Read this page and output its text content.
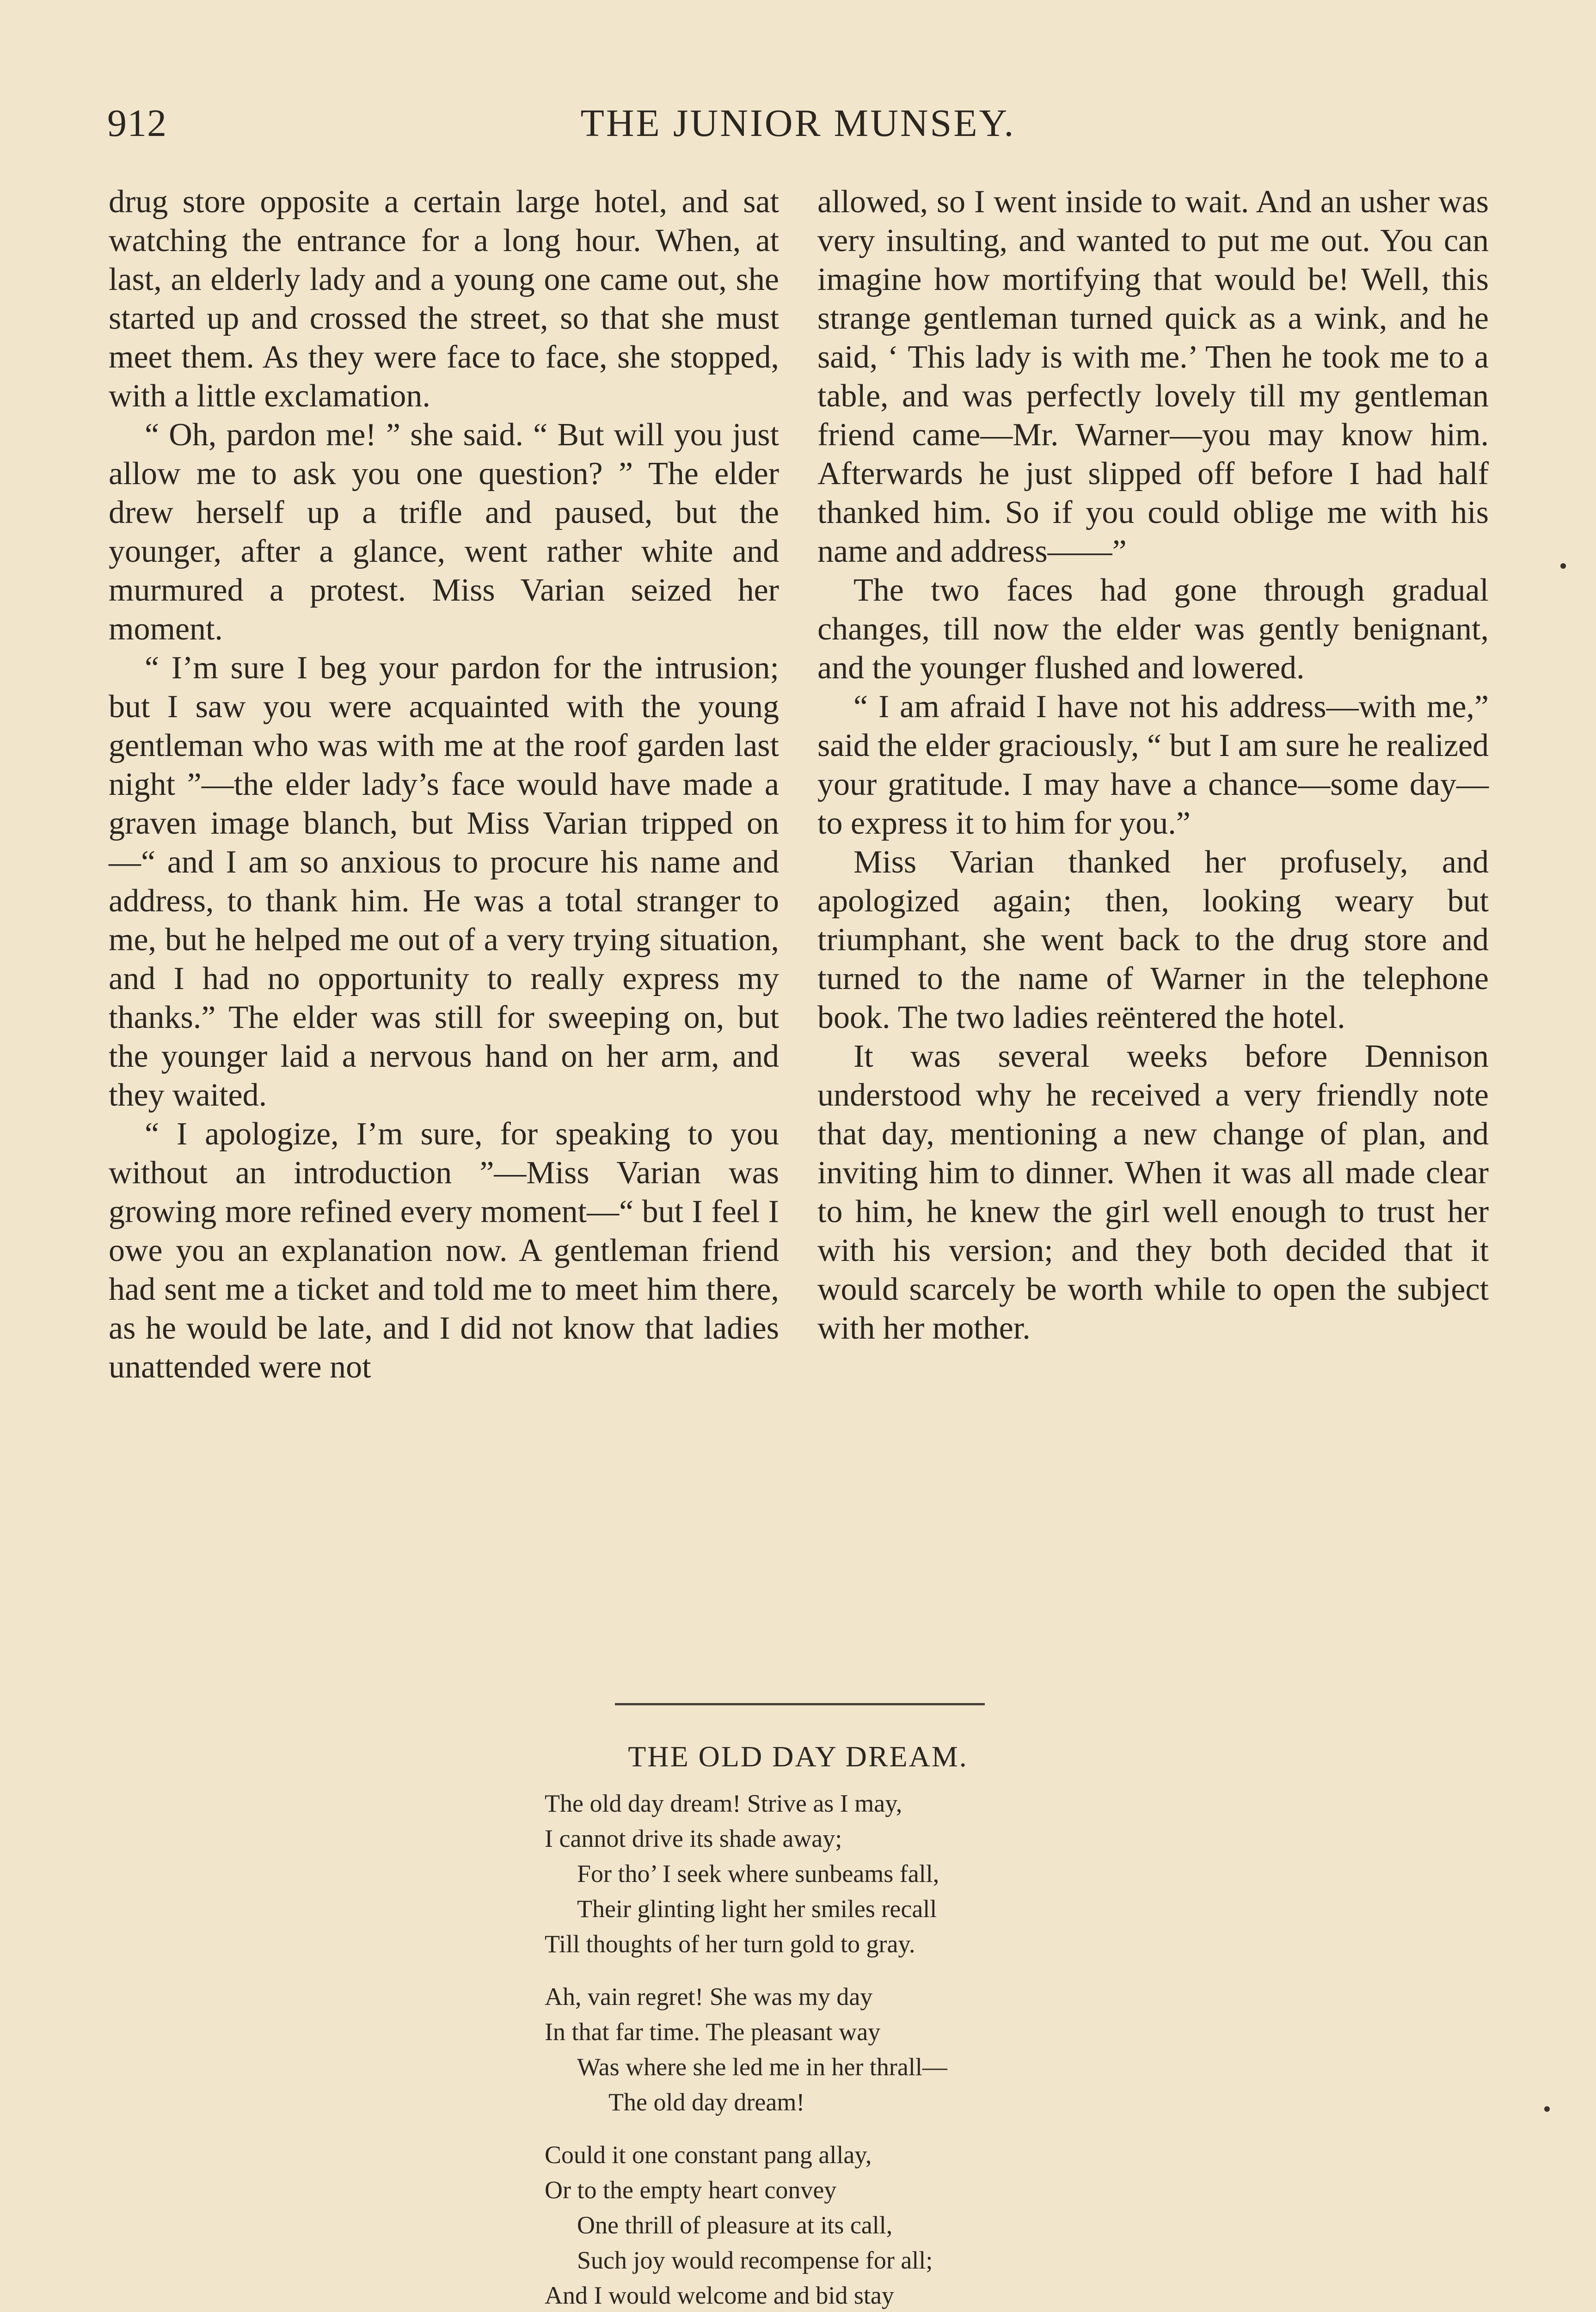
912	THE JUNIOR MUNSEY.

drug store opposite a certain large hotel, and sat watching the entrance for a long hour. When, at last, an elderly lady and a young one came out, she started up and crossed the street, so that she must meet them. As they were face to face, she stopped, with a little exclamation.

“ Oh, pardon me! ” she said. “ But will you just allow me to ask you one question? ” The elder drew herself up a trifle and paused, but the younger, after a glance, went rather white and murmured a protest. Miss Varian seized her moment.

“ I’m sure I beg your pardon for the intrusion; but I saw you were acquainted with the young gentleman who was with me at the roof garden last night ”—the elder lady’s face would have made a graven image blanch, but Miss Varian tripped on—“ and I am so anxious to procure his name and address, to thank him. He was a total stranger to me, but he helped me out of a very trying situation, and I had no opportunity to really express my thanks.” The elder was still for sweeping on, but the younger laid a nervous hand on her arm, and they waited.

“ I apologize, I’m sure, for speaking to you without an introduction ”—Miss Varian was growing more refined every moment—“ but I feel I owe you an explanation now. A gentleman friend had sent me a ticket and told me to meet him there, as he would be late, and I did not know that ladies unattended were not

allowed, so I went inside to wait. And an usher was very insulting, and wanted to put me out. You can imagine how mortifying that would be! Well, this strange gentleman turned quick as a wink, and he said, ‘ This lady is with me.’ Then he took me to a table, and was perfectly lovely till my gentleman friend came—Mr. Warner—you may know him. Afterwards he just slipped off before I had half thanked him. So if you could oblige me with his name and address——”

The two faces had gone through gradual changes, till now the elder was gently benignant, and the younger flushed and lowered.

“ I am afraid I have not his address—with me,” said the elder graciously, “ but I am sure he realized your gratitude. I may have a chance—some day—to express it to him for you.”

Miss Varian thanked her profusely, and apologized again; then, looking weary but triumphant, she went back to the drug store and turned to the name of Warner in the telephone book. The two ladies reëntered the hotel.

It was several weeks before Dennison understood why he received a very friendly note that day, mentioning a new change of plan, and inviting him to dinner. When it was all made clear to him, he knew the girl well enough to trust her with his version; and they both decided that it would scarcely be worth while to open the subject with her mother.

THE OLD DAY DREAM.
The old day dream! Strive as I may,
I cannot drive its shade away;
For tho’ I seek where sunbeams fall,
Their glinting light her smiles recall
Till thoughts of her turn gold to gray.
Ah, vain regret! She was my day
In that far time. The pleasant way
Was where she led me in her thrall—
The old day dream!
Could it one constant pang allay,
Or to the empty heart convey
One thrill of pleasure at its call,
Such joy would recompense for all;
And I would welcome and bid stay
